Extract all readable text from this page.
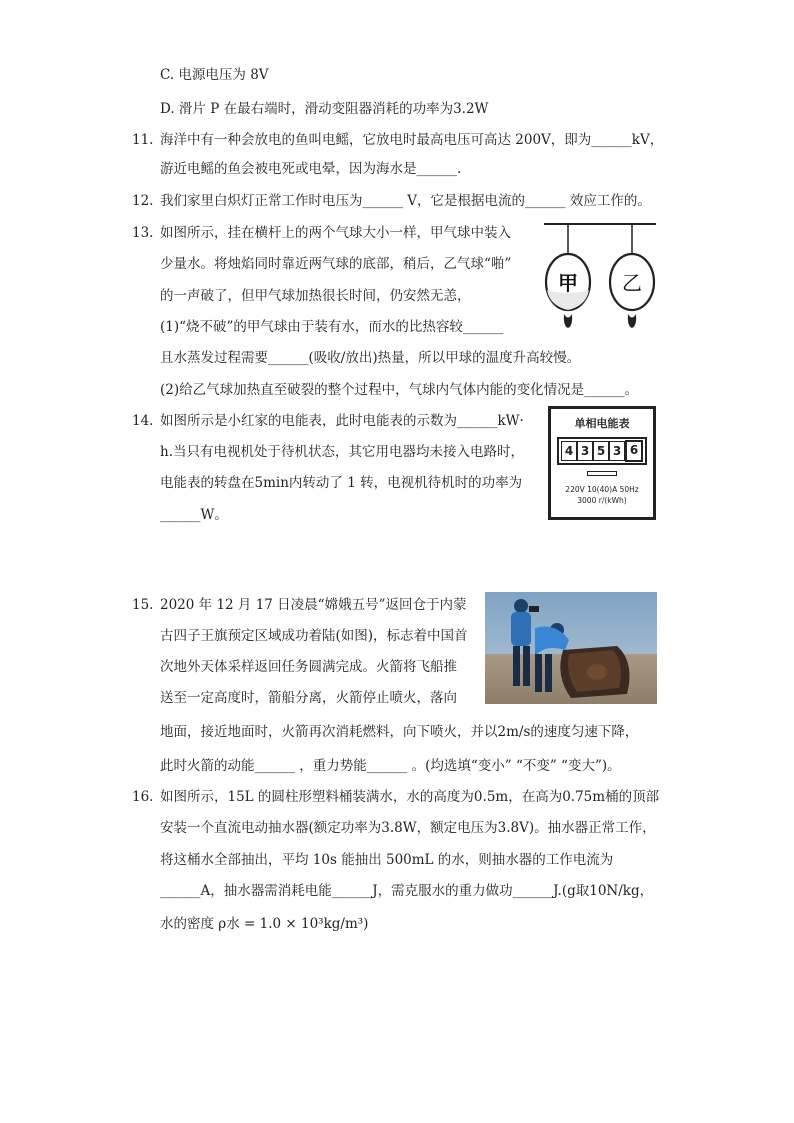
C. 电源电压为 8V
D. 滑片 P 在最右端时，滑动变阻器消耗的功率为3.2W
11. 海洋中有一种会放电的鱼叫电鳐，它放电时最高电压可高达 200V，即为______kV，
游近电鳐的鱼会被电死或电晕，因为海水是______.
12. 我们家里白炽灯正常工作时电压为______ V，它是根据电流的______ 效应工作的。
13. 如图所示，挂在横杆上的两个气球大小一样，甲气球中装入
少量水。将烛焰同时靠近两气球的底部，稍后，乙气球“啪”
的一声破了，但甲气球加热很长时间，仍安然无恙，
(1)“烧不破”的甲气球由于装有水，而水的比热容较______
且水蒸发过程需要______(吸收/放出)热量，所以甲球的温度升高较慢。
(2)给乙气球加热直至破裂的整个过程中，气球内气体内能的变化情况是______。
甲 乙
14. 如图所示是小红家的电能表，此时电能表的示数为______kW·
h.当只有电视机处于待机状态，其它用电器均未接入电路时，
电能表的转盘在5min内转动了 1 转，电视机待机时的功率为
______W。
单相电能表
4 3 5 3 6
220V 10(40)A 50Hz
3000 r/(kWh)
15. 2020 年 12 月 17 日凌晨“嫦娥五号”返回仓于内蒙
古四子王旗预定区域成功着陆(如图)，标志着中国首
次地外天体采样返回任务圆满完成。火箭将飞船推
送至一定高度时，箭船分离，火箭停止喷火，落向
地面，接近地面时，火箭再次消耗燃料，向下喷火，并以2m/s的速度匀速下降，
此时火箭的动能______ ，重力势能______ 。(均选填“变小” “不变” “变大”)。
16. 如图所示，15L 的圆柱形塑料桶装满水，水的高度为0.5m，在高为0.75m桶的顶部
安装一个直流电动抽水器(额定功率为3.8W，额定电压为3.8V)。抽水器正常工作，
将这桶水全部抽出，平均 10s 能抽出 500mL 的水，则抽水器的工作电流为
______A，抽水器需消耗电能______J，需克服水的重力做功______J.(g取10N/kg，
水的密度 ρ水 = 1.0 × 10³kg/m³)
